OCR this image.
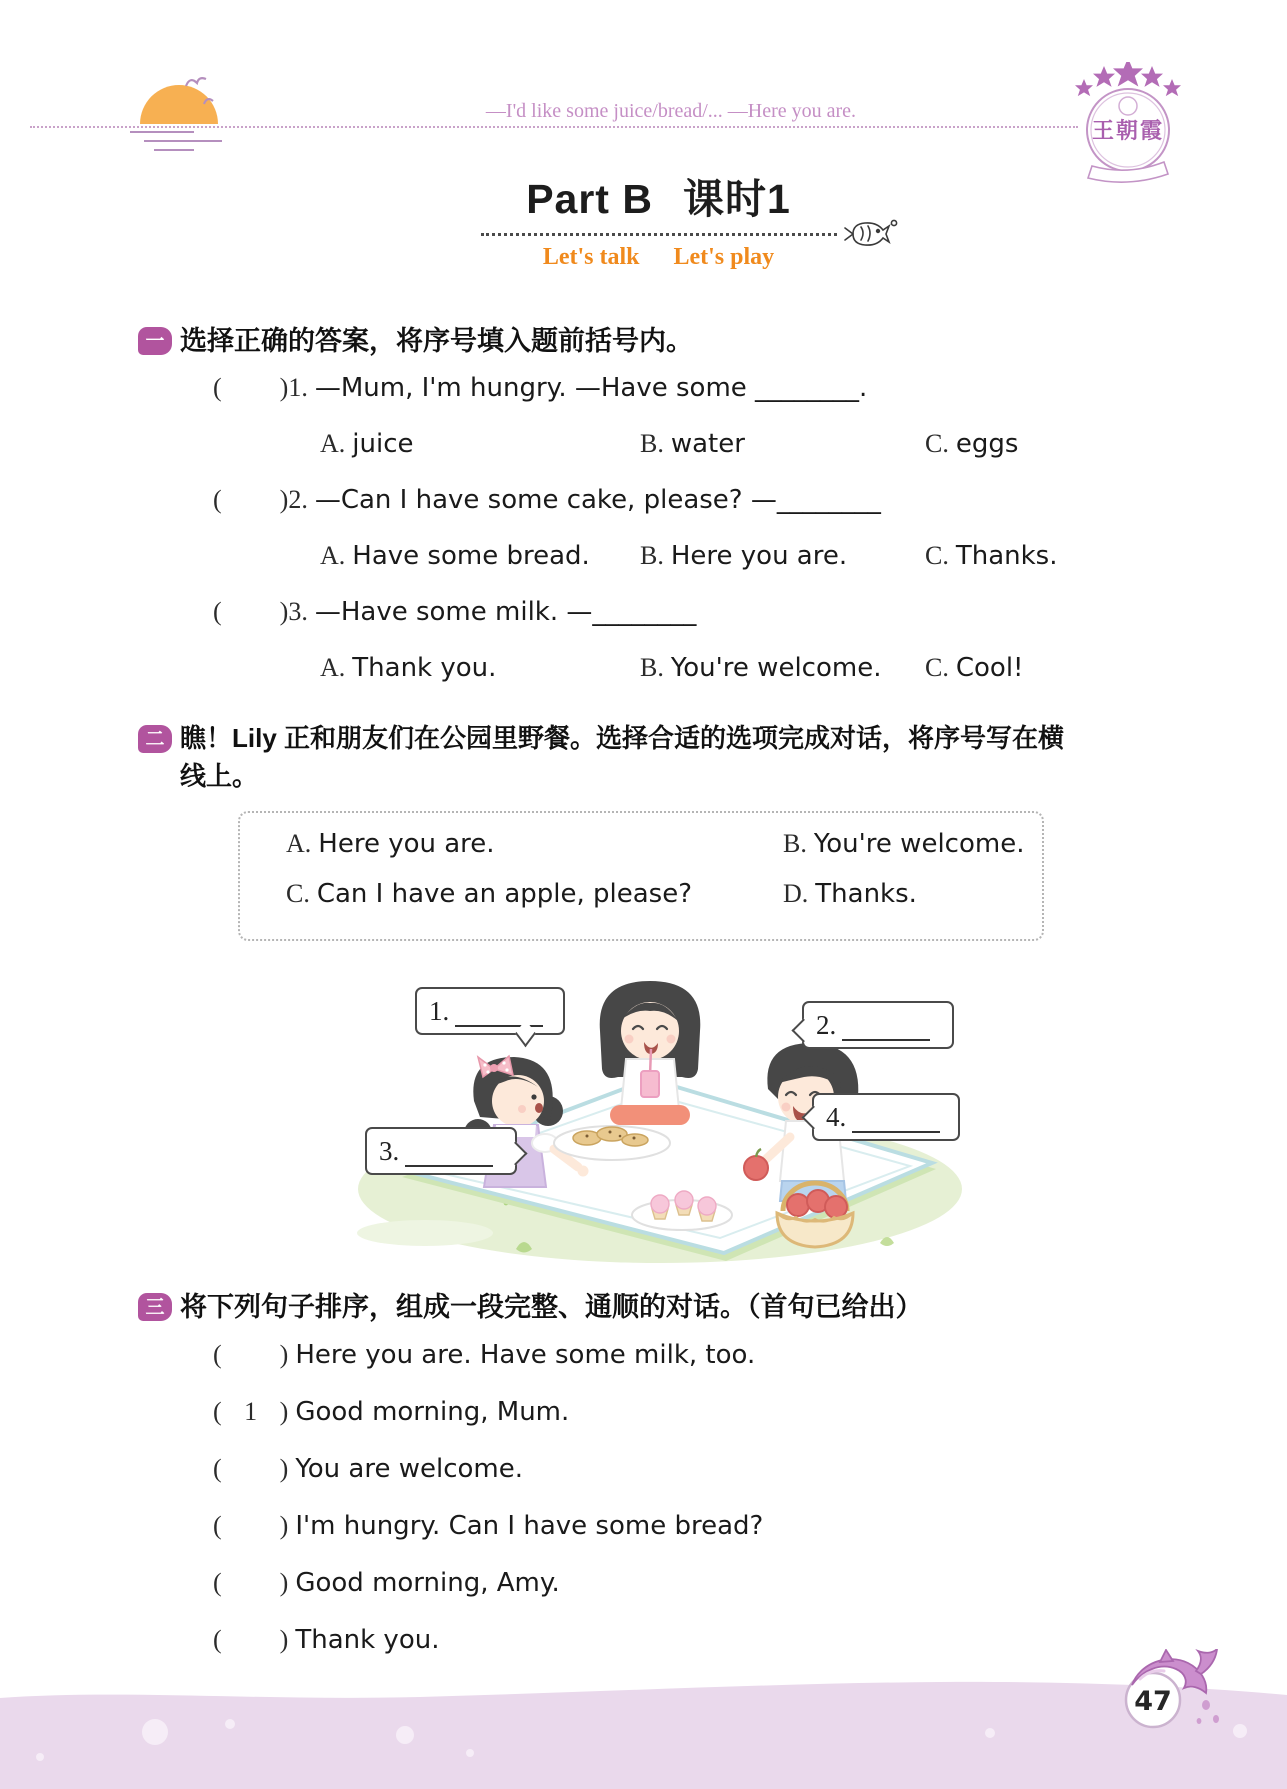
—I'd like some juice/bread/... —Here you are.
王朝霞
Part B 课时1
Let's talk Let's play
一 选择正确的答案，将序号填入题前括号内。
( ) 1. —Mum, I'm hungry. —Have some ________.
A. juice	B. water	C. eggs
( ) 2. —Can I have some cake, please? —________
A. Have some bread. B. Here you are.	C. Thanks.
( ) 3. —Have some milk. —________
A. Thank you.	B. You're welcome. C. Cool!
二 瞧！Lily 正和朋友们在公园里野餐。选择合适的选项完成对话，将序号写在横线上。
A. Here you are.	B. You're welcome.
C. Can I have an apple, please?	D. Thanks.
1.	2.
3.
4.
三 将下列句子排序，组成一段完整、通顺的对话。（首句已给出）
( ) Here you are. Have some milk, too.
( 1 ) Good morning, Mum.
( ) You are welcome.
( ) I'm hungry. Can I have some bread?
( ) Good morning, Amy.
( ) Thank you.
47
